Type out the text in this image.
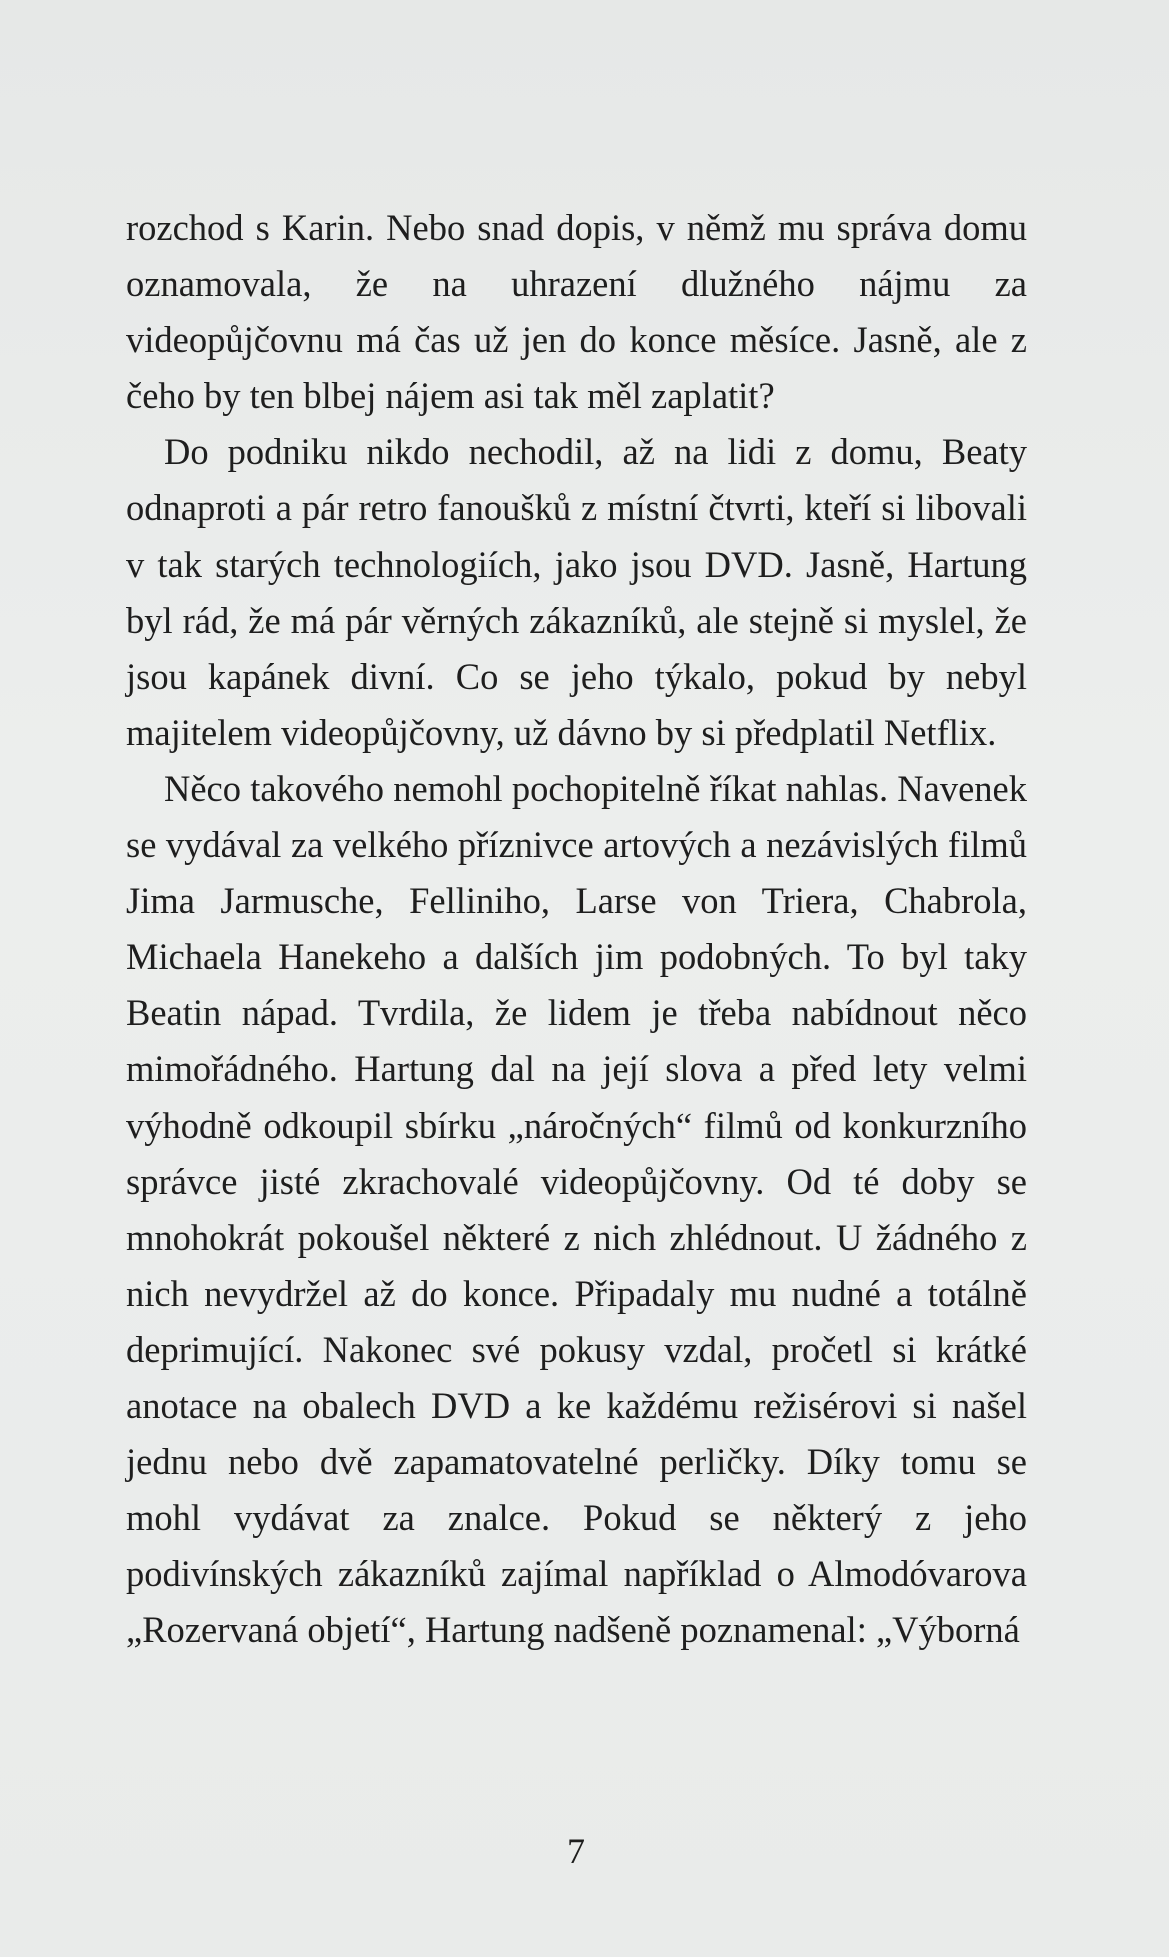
rozchod s Karin. Nebo snad dopis, v němž mu správa domu oznamovala, že na uhrazení dlužného nájmu za videopůjčovnu má čas už jen do konce měsíce. Jasně, ale z čeho by ten blbej nájem asi tak měl zaplatit?

Do podniku nikdo nechodil, až na lidi z domu, Beaty odnaproti a pár retro fanoušků z místní čtvrti, kteří si libovali v tak starých technologiích, jako jsou DVD. Jasně, Hartung byl rád, že má pár věrných zákazníků, ale stejně si myslel, že jsou kapánek divní. Co se jeho týkalo, pokud by nebyl majitelem videopůjčovny, už dávno by si předplatil Netflix.

Něco takového nemohl pochopitelně říkat nahlas. Navenek se vydával za velkého příznivce artových a nezávislých filmů Jima Jarmusche, Felliniho, Larse von Triera, Chabrola, Michaela Hanekeho a dalších jim podobných. To byl taky Beatin nápad. Tvrdila, že lidem je třeba nabídnout něco mimořádného. Hartung dal na její slova a před lety velmi výhodně odkoupil sbírku „náročných“ filmů od konkurzního správce jisté zkrachovalé videopůjčovny. Od té doby se mnohokrát pokoušel některé z nich zhlédnout. U žádného z nich nevydržel až do konce. Připadaly mu nudné a totálně deprimující. Nakonec své pokusy vzdal, pročetl si krátké anotace na obalech DVD a ke každému režisérovi si našel jednu nebo dvě zapamatovatelné perličky. Díky tomu se mohl vydávat za znalce. Pokud se některý z jeho podivínských zákazníků zajímal například o Almodóvarova „Rozervaná objetí“, Hartung nadšeně poznamenal: „Výborná

7
